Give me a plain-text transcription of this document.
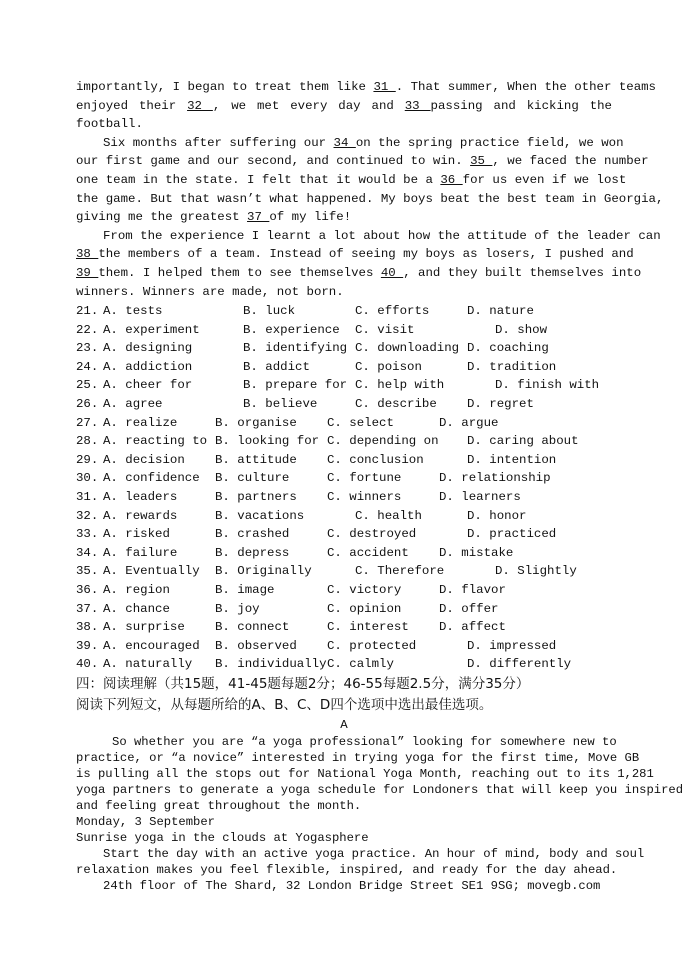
importantly, I began to treat them like 31 . That summer, When the other teams
enjoyed their 32 , we met every day and 33 passing and kicking the
football.
Six months after suffering our 34 on the spring practice field, we won
our first game and our second, and continued to win. 35 , we faced the number
one team in the state. I felt that it would be a 36 for us even if we lost
the game. But that wasn’t what happened. My boys beat the best team in Georgia,
giving me the greatest 37 of my life!
From the experience I learnt a lot about how the attitude of the leader can
38 the members of a team. Instead of seeing my boys as losers, I pushed and
39 them. I helped them to see themselves 40 , and they built themselves into
winners. Winners are made, not born.
21. A. tests	B. luck	C. efforts	D. nature
22. A. experiment	B. experience C. visit	D. show
23. A. designing	B. identifying C. downloading D. coaching
24. A. addiction	B. addict	C. poison	D. tradition
25. A. cheer for	B. prepare for C. help with	D. finish with
26. A. agree	B. believe	C. describe D. regret
27. A. realize	B. organise C. select	D. argue
28. A. reacting to B. looking for C. depending on D. caring about
29. A. decision B. attitude C. conclusion	D. intention
30. A. confidence B. culture	C. fortune	D. relationship
31. A. leaders	B. partners C. winners	D. learners
32. A. rewards	B. vacations	C. health	D. honor
33. A. risked	B. crashed	C. destroyed	D. practiced
34. A. failure	B. depress	C. accident D. mistake
35. A. Eventually B. Originally	C. Therefore	D. Slightly
36. A. region	B. image	C. victory	D. flavor
37. A. chance	B. joy	C. opinion	D. offer
38. A. surprise B. connect	C. interest D. affect
39. A. encouraged B. observed C. protected	D. impressed
40. A. naturally B. individually C. calmly	D. differently
四：阅读理解（共15题，41-45题每题2分；46-55每题2.5分，满分35分）
阅读下列短文，从每题所给的A、B、C、D四个选项中选出最佳选项。
A
So whether you are “a yoga professional” looking for somewhere new to
practice, or “a novice” interested in trying yoga for the first time, Move GB
is pulling all the stops out for National Yoga Month, reaching out to its 1,281
yoga partners to generate a yoga schedule for Londoners that will keep you inspired
and feeling great throughout the month.
Monday, 3 September
Sunrise yoga in the clouds at Yogasphere
Start the day with an active yoga practice. An hour of mind, body and soul
relaxation makes you feel flexible, inspired, and ready for the day ahead.
24th floor of The Shard, 32 London Bridge Street SE1 9SG; movegb.com
